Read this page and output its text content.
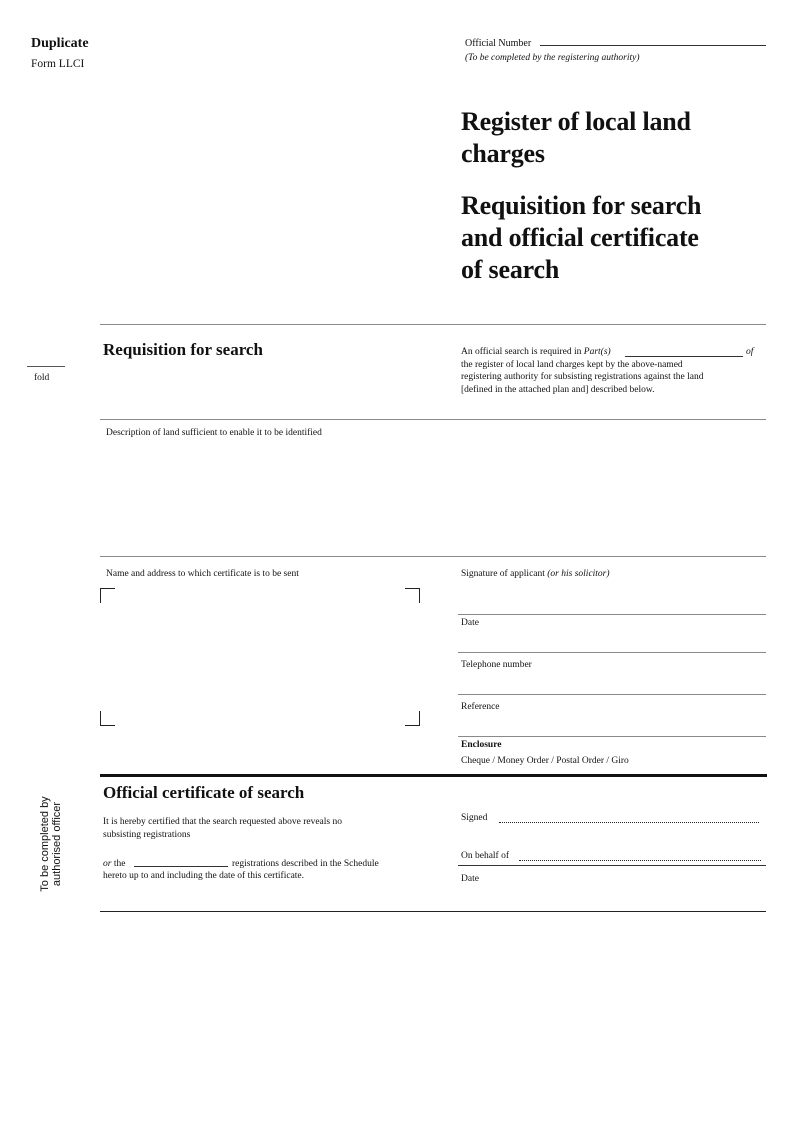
Duplicate
Form LLCI
Official Number
(To be completed by the registering authority)
Register of local land
charges
Requisition for search
and official certificate
of search
fold
Requisition for search	An official search is required in Part(s)	of
the register of local land charges kept by the above-named
registering authority for subsisting registrations against the land
[defined in the attached plan and] described below.
Description of land sufficient to enable it to be identified
Name and address to which certificate is to be sent	Signature of applicant (or his solicitor)
Date
Telephone number
Reference
Enclosure
Cheque / Money Order / Postal Order / Giro
Official certificate of search
It is hereby certified that the search requested above reveals no
subsisting registrations
or the	registrations described in the Schedule
hereto up to and including the date of this certificate.
Signed
On behalf of
Date
To be completed by authorised officer
